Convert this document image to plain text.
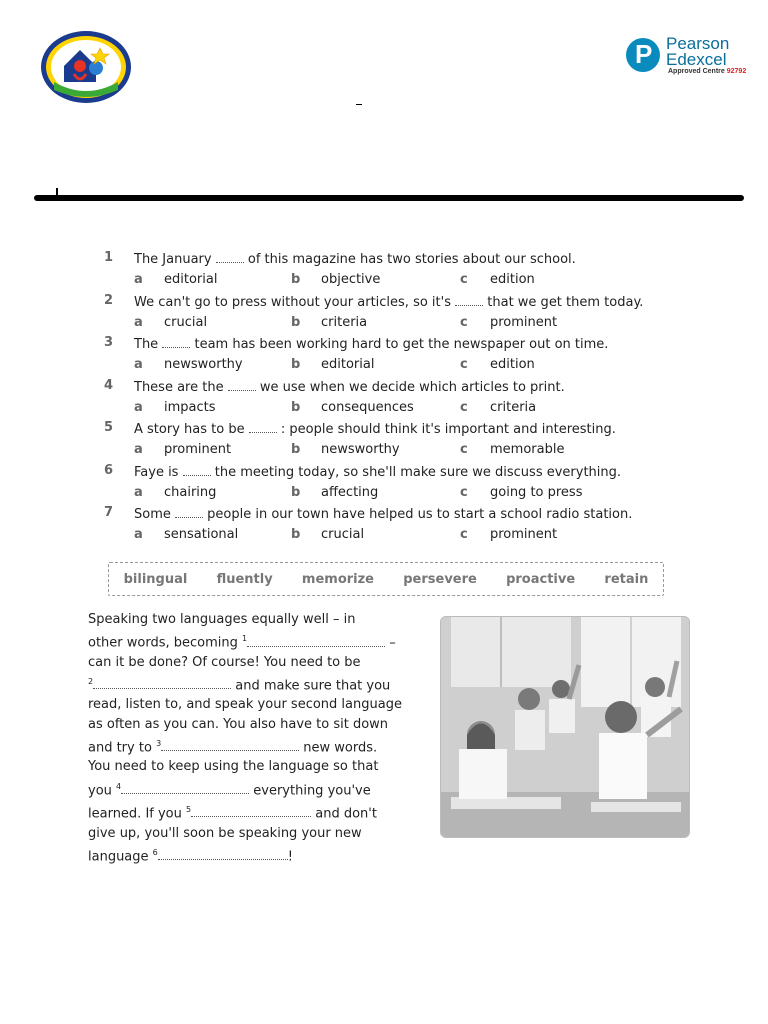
P Pearson
Edexcel
Approved Centre 92792
1 The January	of this magazine has two stories about our school.
a editorial	b objective	c edition
2 We can't go to press without your articles, so it's	that we get them today.
a crucial	b criteria	c prominent
3 The	team has been working hard to get the newspaper out on time.
a newsworthy	b editorial	c edition
4 These are the	we use when we decide which articles to print.
a impacts	b consequences	c criteria
5 A story has to be	: people should think it's important and interesting.
a prominent	b newsworthy	c memorable
6 Faye is	the meeting today, so she'll make sure we discuss everything.
a chairing	b affecting	c going to press
7 Some	people in our town have helped us to start a school radio station.
a sensational	b crucial	c prominent
bilingual fluently memorize persevere proactive retain
Speaking two languages equally well – in
other words, becoming $^1$	–
can it be done? Of course! You need to be
$^2$	and make sure that you
read, listen to, and speak your second language
as often as you can. You also have to sit down
and try to $^3$	new words.
You need to keep using the language so that
you $^4$	everything you've
learned. If you $^5$	and don't
give up, you'll soon be speaking your new
language $^6$	!
